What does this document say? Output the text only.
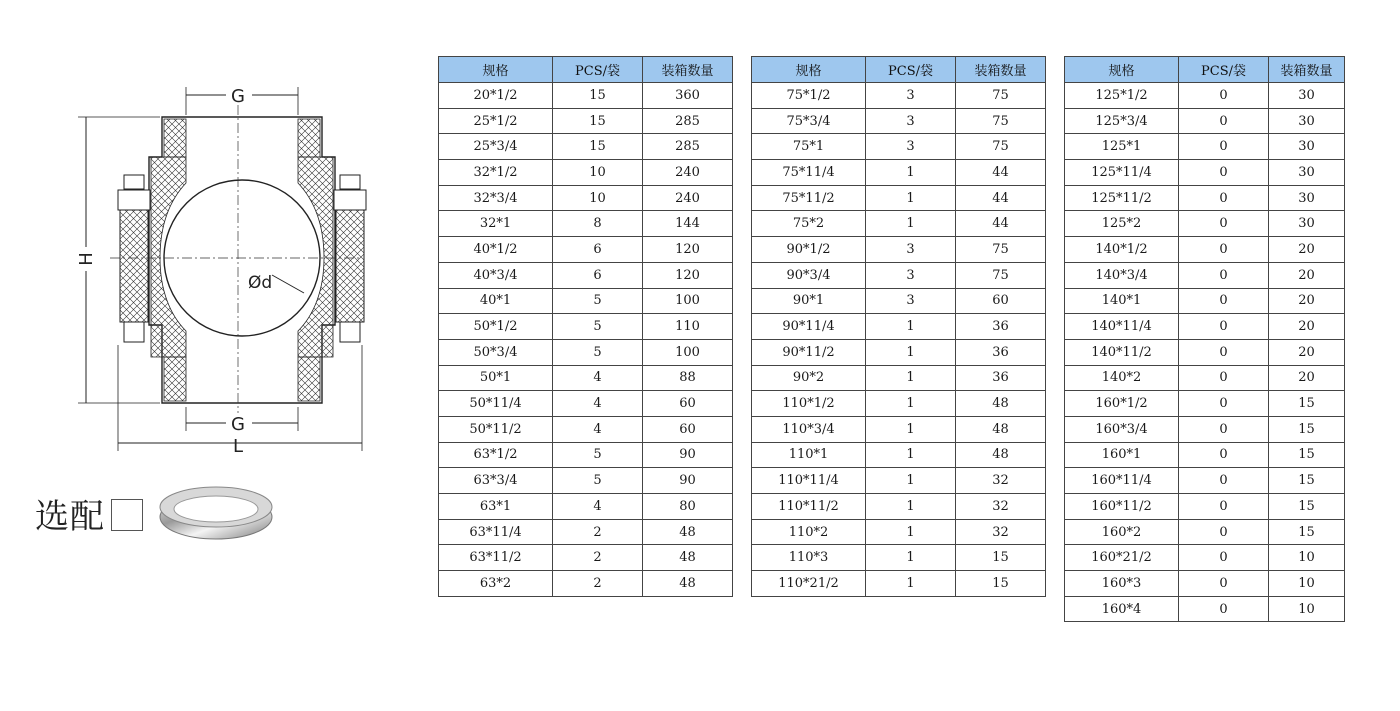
G
G
L
H
Ød
选配
规格	PCS/袋	装箱数量
20*1/2	15	360
25*1/2	15	285
25*3/4	15	285
32*1/2	10	240
32*3/4	10	240
32*1	8	144
40*1/2	6	120
40*3/4	6	120
40*1	5	100
50*1/2	5	110
50*3/4	5	100
50*1	4	88
50*11/4	4	60
50*11/2	4	60
63*1/2	5	90
63*3/4	5	90
63*1	4	80
63*11/4	2	48
63*11/2	2	48
63*2	2	48
规格	PCS/袋	装箱数量
75*1/2	3	75
75*3/4	3	75
75*1	3	75
75*11/4	1	44
75*11/2	1	44
75*2	1	44
90*1/2	3	75
90*3/4	3	75
90*1	3	60
90*11/4	1	36
90*11/2	1	36
90*2	1	36
110*1/2	1	48
110*3/4	1	48
110*1	1	48
110*11/4	1	32
110*11/2	1	32
110*2	1	32
110*3	1	15
110*21/2	1	15
规格	PCS/袋	装箱数量
125*1/2	0	30
125*3/4	0	30
125*1	0	30
125*11/4	0	30
125*11/2	0	30
125*2	0	30
140*1/2	0	20
140*3/4	0	20
140*1	0	20
140*11/4	0	20
140*11/2	0	20
140*2	0	20
160*1/2	0	15
160*3/4	0	15
160*1	0	15
160*11/4	0	15
160*11/2	0	15
160*2	0	15
160*21/2	0	10
160*3	0	10
160*4	0	10
